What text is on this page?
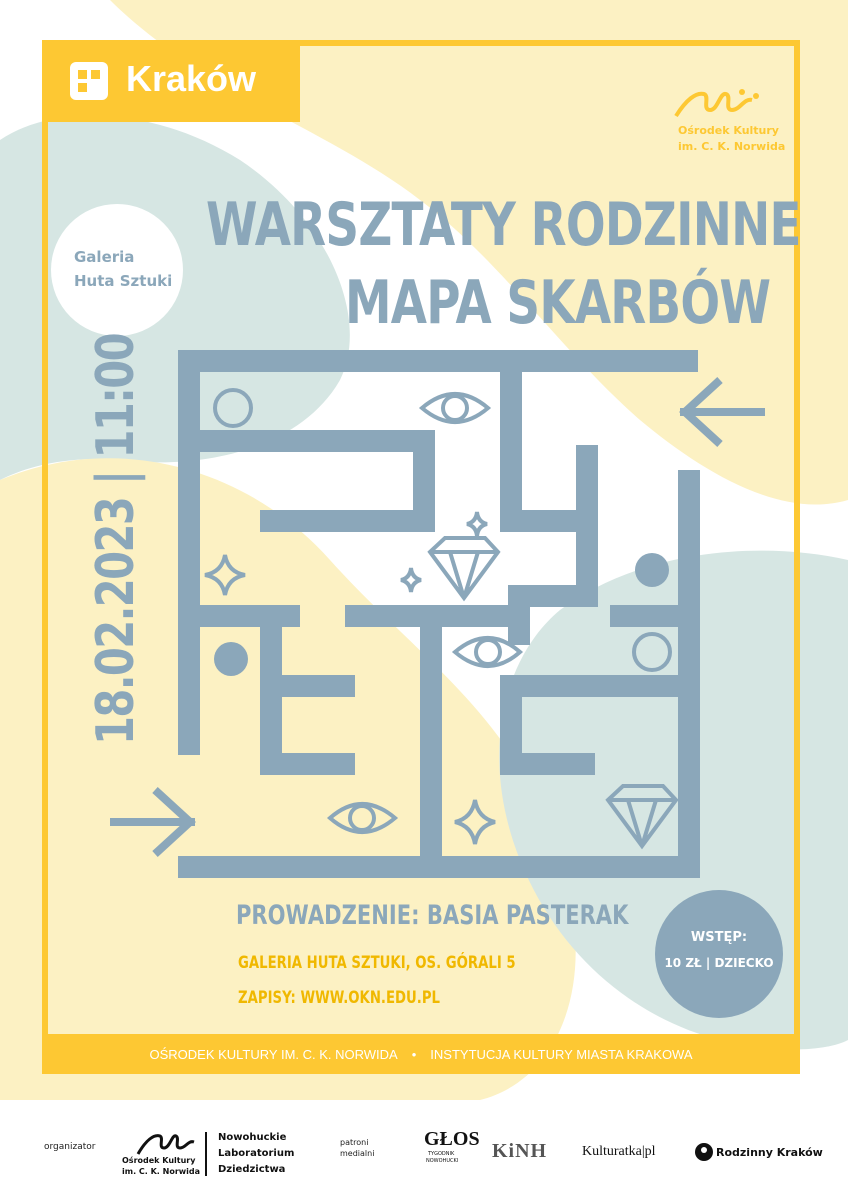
Kraków
Ośrodek Kultury
im. C. K. Norwida
Galeria
Huta Sztuki
WARSZTATY RODZINNE
MAPA SKARBÓW
18.02.2023 | 11:00
PROWADZENIE: BASIA PASTERAK
GALERIA HUTA SZTUKI, OS. GÓRALI 5
ZAPISY: WWW.OKN.EDU.PL
WSTĘP:
10 ZŁ | DZIECKO
OŚRODEK KULTURY IM. C. K. NORWIDA • INSTYTUCJA KULTURY MIASTA KRAKOWA
organizator
Ośrodek Kultury
im. C. K. Norwida
Nowohuckie
Laboratorium
Dziedzictwa
patroni
medialni
GŁOS
TYGODNIK
NOWOHUCKI KiNH Kulturatka|pl	Rodzinny Kraków
